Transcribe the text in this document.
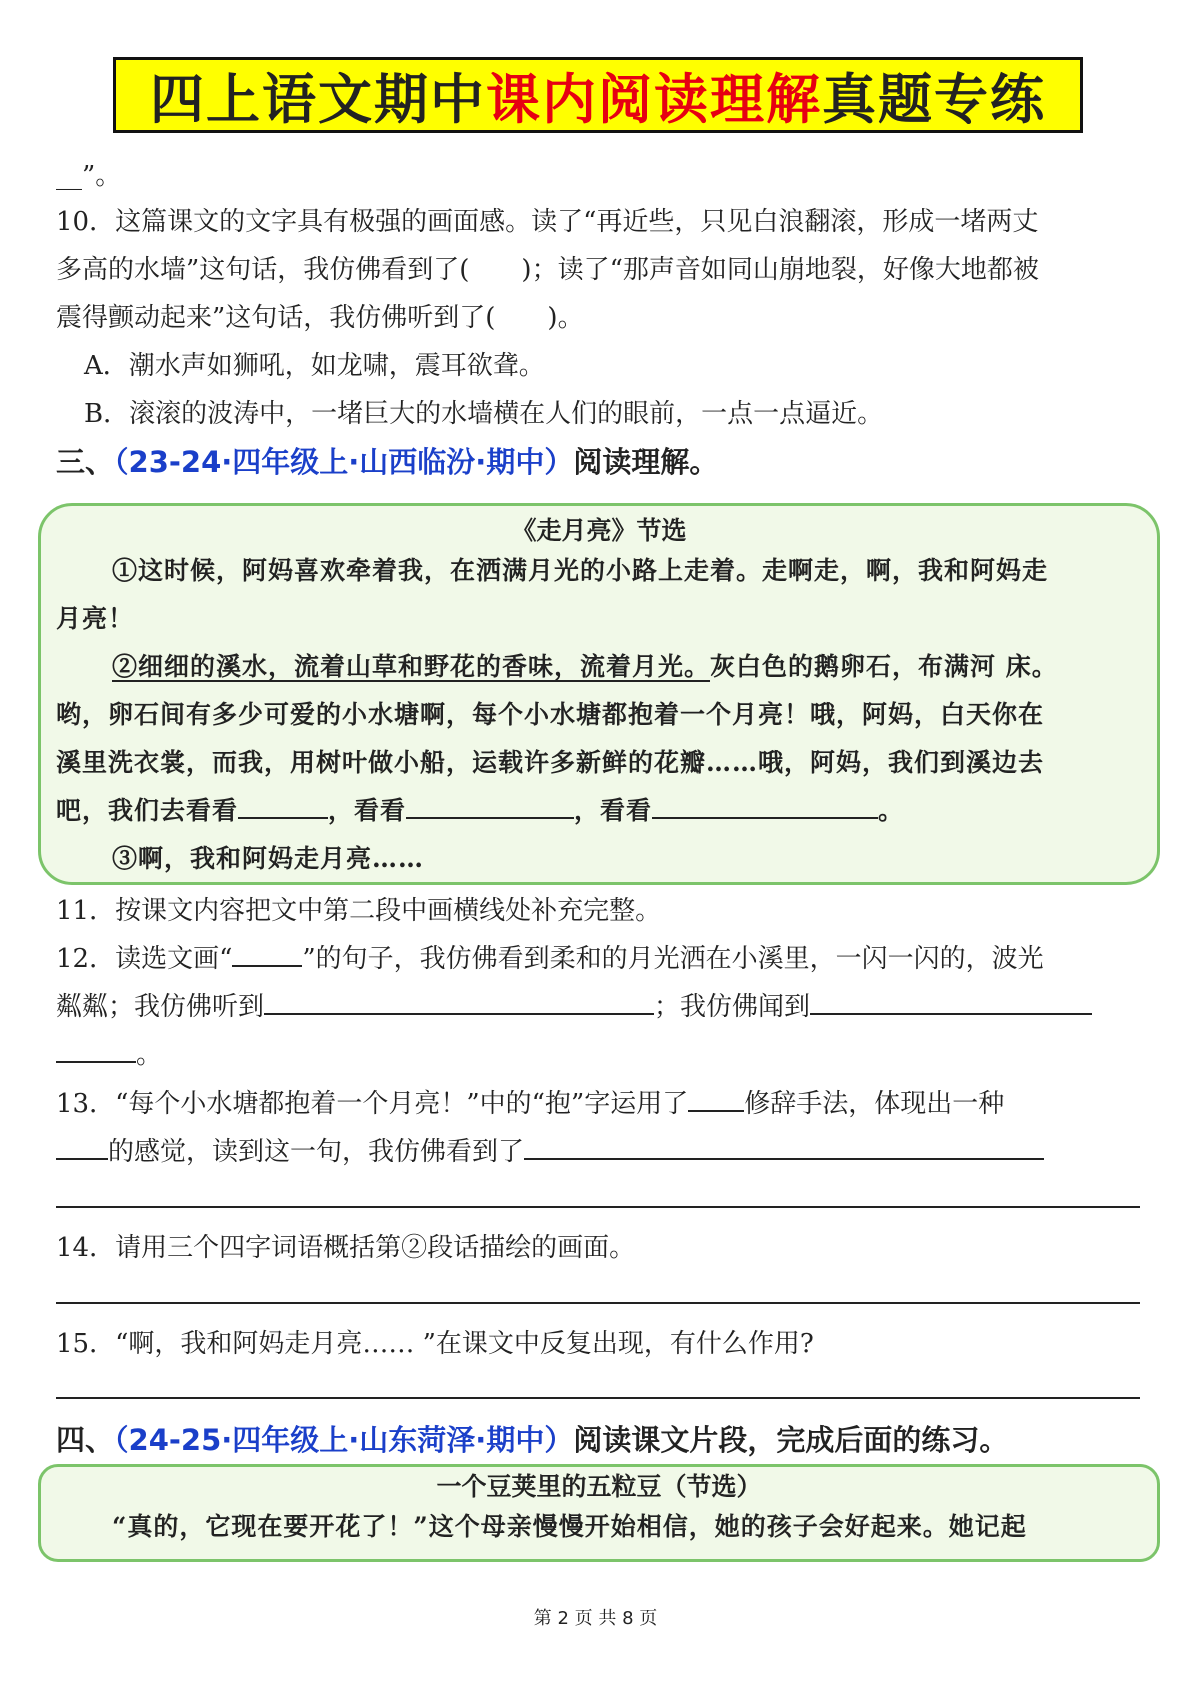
四上语文期中 课内阅读理解 真题专练
__”。
10．这篇课文的文字具有极强的画面感。读了“再近些，只见白浪翻滚，形成一堵两丈
多高的水墙”这句话，我仿佛看到了(　　)；读了“那声音如同山崩地裂，好像大地都被
震得颤动起来”这句话，我仿佛听到了(　　)。
A．潮水声如狮吼，如龙啸，震耳欲聋。
B．滚滚的波涛中，一堵巨大的水墙横在人们的眼前，一点一点逼近。
三、（23-24·四年级上·山西临汾·期中）阅读理解。
《走月亮》节选
①这时候，阿妈喜欢牵着我，在洒满月光的小路上走着。走啊走，啊，我和阿妈走
月亮！
②细细的溪水，流着山草和野花的香味，流着月光。灰白色的鹅卵石，布满河 床。
哟，卵石间有多少可爱的小水塘啊，每个小水塘都抱着一个月亮！哦，阿妈，白天你在
溪里洗衣裳，而我，用树叶做小船，运载许多新鲜的花瓣……哦，阿妈，我们到溪边去
吧，我们去看看	，看看	，看看	。
③啊，我和阿妈走月亮……
11．按课文内容把文中第二段中画横线处补充完整。
12．读选文画“	”的句子，我仿佛看到柔和的月光洒在小溪里，一闪一闪的，波光
粼粼；我仿佛听到	；我仿佛闻到
。
13．“每个小水塘都抱着一个月亮！”中的“抱”字运用了 修辞手法，体现出一种
的感觉，读到这一句，我仿佛看到了
14．请用三个四字词语概括第②段话描绘的画面。
15．“啊，我和阿妈走月亮…… ”在课文中反复出现，有什么作用?
四、（24-25·四年级上·山东菏泽·期中）阅读课文片段，完成后面的练习。
一个豆荚里的五粒豆（节选）
“真的，它现在要开花了！”这个母亲慢慢开始相信，她的孩子会好起来。她记起
第 2 页 共 8 页
